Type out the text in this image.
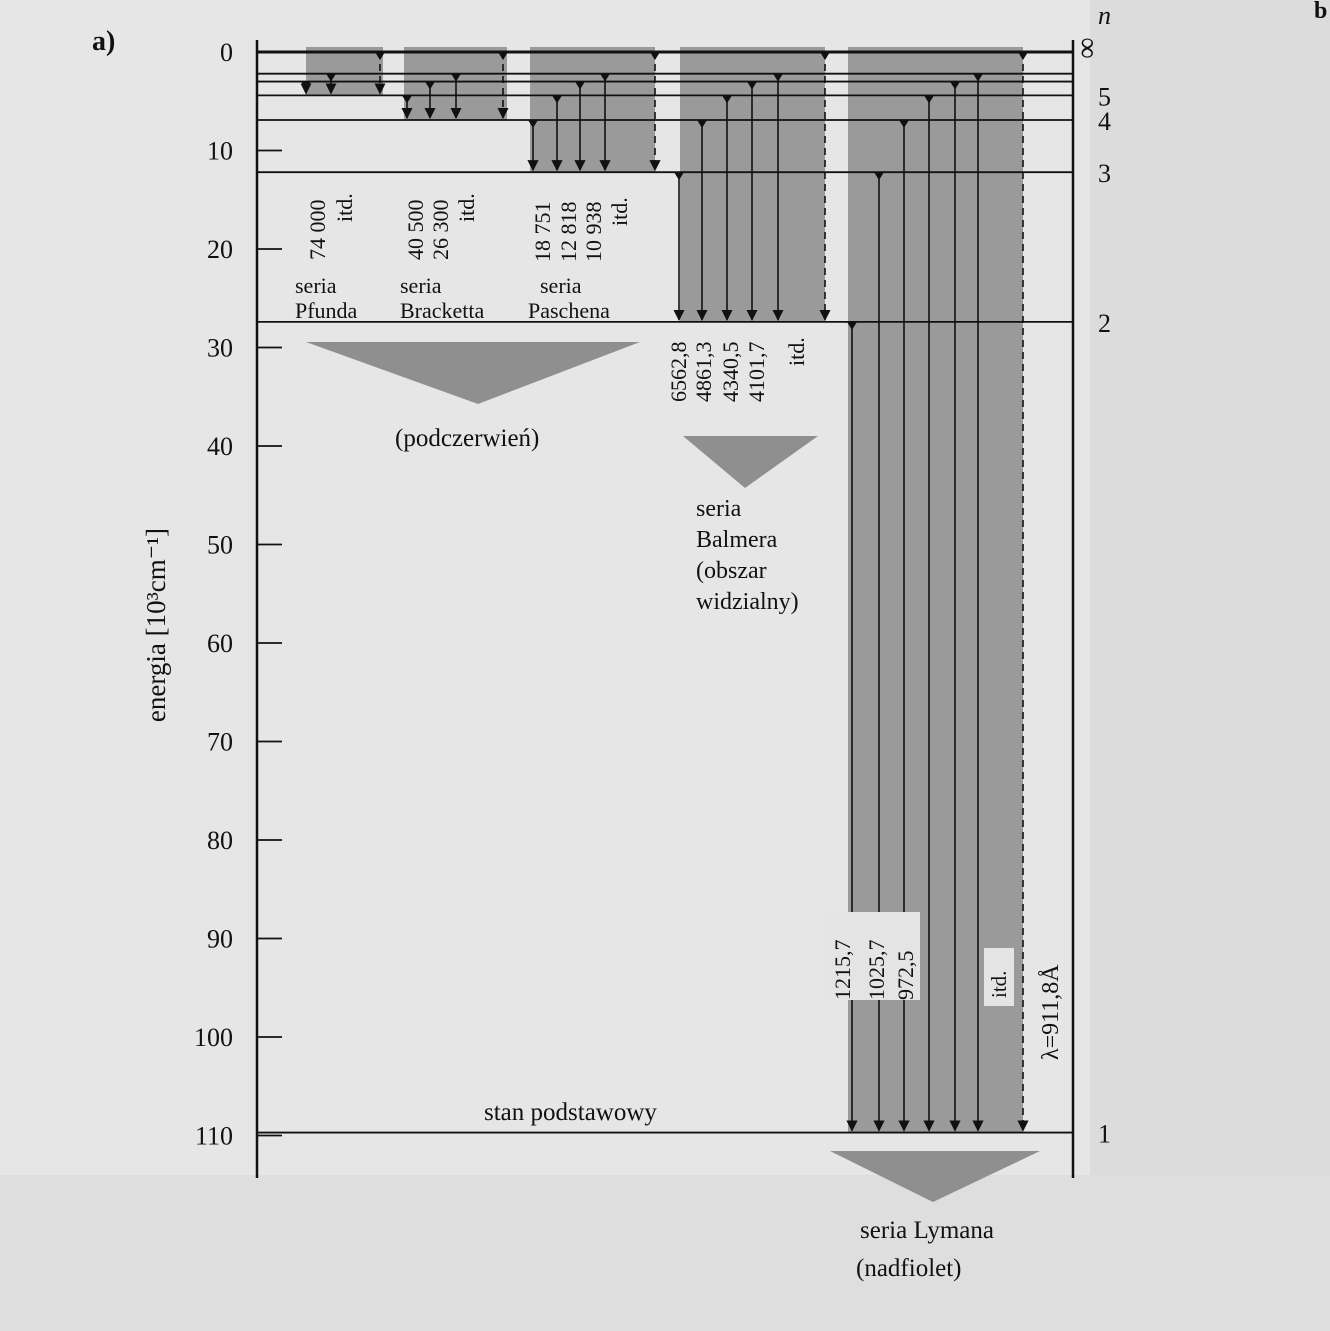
a)
b
0
10
20
30
40
50
60
70
80
90
100
110
energia [10³cm⁻¹]
n
1
2
3
4
5
∞
74 000 itd.
seria
Pfunda
40 500 26 300 itd.
seria
Bracketta
18 751 12 818 10 938 itd.
seria
Paschena
(podczerwień)
6562,8 4861,3 4340,5 4101,7 itd.
seria
Balmera
(obszar
widzialny)
1215,7 1025,7 972,5	itd.
seria Lymana
(nadfiolet)
stan podstawowy
λ=911,8Å
